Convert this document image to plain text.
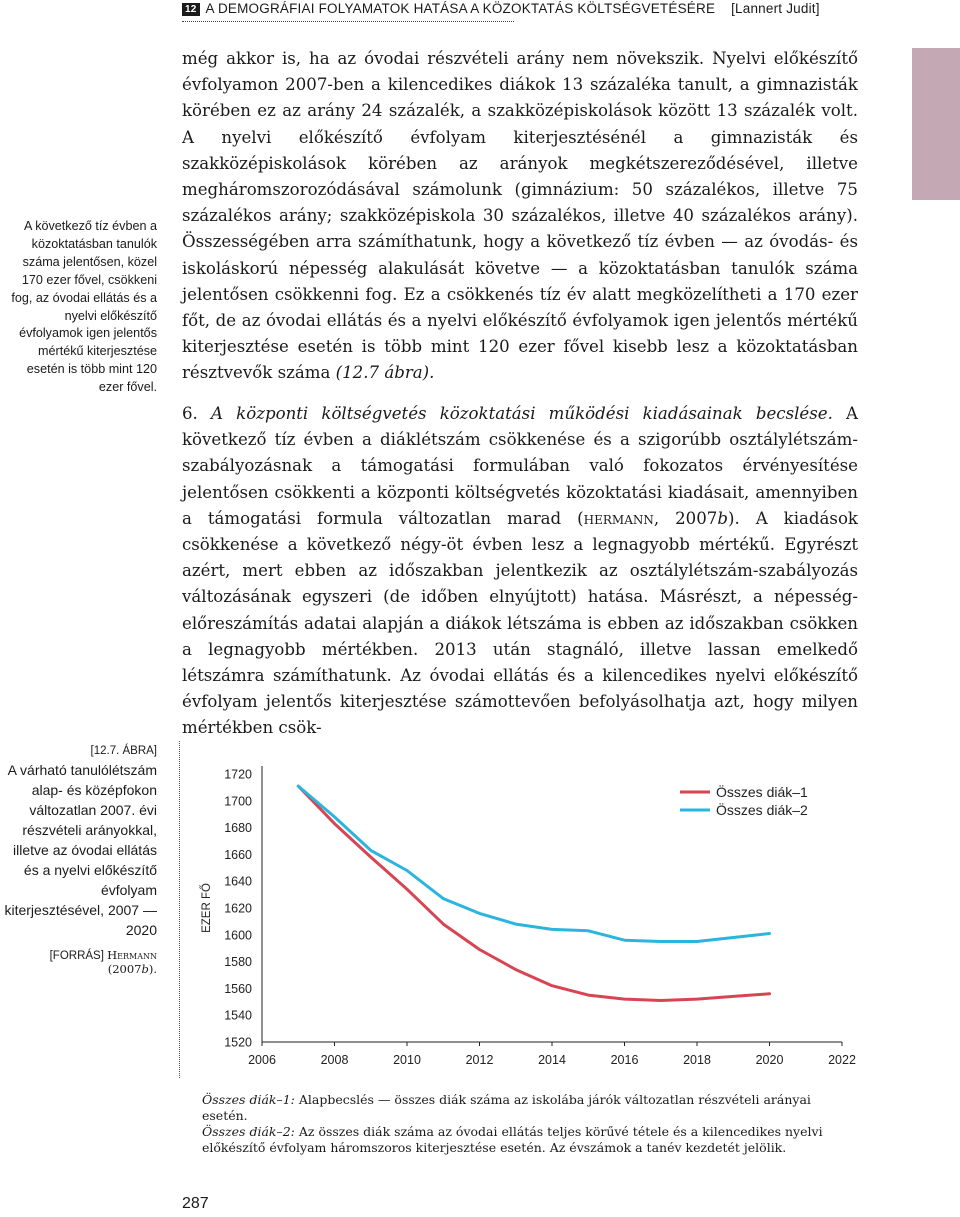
12 A DEMOGRÁFIAI FOLYAMATOK HATÁSA A KÖZOKTATÁS KÖLTSÉGVETÉSÉRE [Lannert Judit]
A következő tíz évben a közoktatásban tanulók száma jelentősen, közel 170 ezer fővel, csökkeni fog, az óvodai ellátás és a nyelvi előkészítő évfolyamok igen jelentős mértékű kiterjesztése esetén is több mint 120 ezer fővel.

még akkor is, ha az óvodai részvételi arány nem növekszik. Nyelvi előkészítő évfolyamon 2007-ben a kilencedikes diákok 13 százaléka tanult, a gimnazisták körében ez az arány 24 százalék, a szakközépiskolások között 13 százalék volt. A nyelvi előkészítő évfolyam kiterjesztésénél a gimnazisták és szakközépiskolások körében az arányok megkétszereződésével, illetve megháromszorozódásával számolunk (gimnázium: 50 százalékos, illetve 75 százalékos arány; szakközépiskola 30 százalékos, illetve 40 százalékos arány). Összességében arra számíthatunk, hogy a következő tíz évben — az óvodás- és iskoláskorú népesség alakulását követve — a közoktatásban tanulók száma jelentősen csökkenni fog. Ez a csökkenés tíz év alatt megközelítheti a 170 ezer főt, de az óvodai ellátás és a nyelvi előkészítő évfolyamok igen jelentős mértékű kiterjesztése esetén is több mint 120 ezer fővel kisebb lesz a közoktatásban résztvevők száma (12.7 ábra).

6. A központi költségvetés közoktatási működési kiadásainak becslése. A következő tíz évben a diáklétszám csökkenése és a szigorúbb osztálylétszám-szabályozásnak a támogatási formulában való fokozatos érvényesítése jelentősen csökkenti a központi költségvetés közoktatási kiadásait, amennyiben a támogatási formula változatlan marad (hermann, 2007b). A kiadások csökkenése a következő négy-öt évben lesz a legnagyobb mértékű. Egyrészt azért, mert ebben az időszakban jelentkezik az osztálylétszám-szabályozás változásának egyszeri (de időben elnyújtott) hatása. Másrészt, a népesség-előreszámítás adatai alapján a diákok létszáma is ebben az időszakban csökken a legnagyobb mértékben. 2013 után stagnáló, illetve lassan emelkedő létszámra számíthatunk. Az óvodai ellátás és a kilencedikes nyelvi előkészítő évfolyam jelentős kiterjesztése számottevően befolyásolhatja azt, hogy milyen mértékben csök-

[12.7. ÁBRA]
A várható tanulólétszám alap- és középfokon változatlan 2007. évi részvételi arányokkal, illetve az óvodai ellátás és a nyelvi előkészítő évfolyam kiterjesztésével, 2007 — 2020
[FORRÁS] Hermann (2007b).
1520
1540
1560
1580
1600
1620
1640
1660
1680
1700
1720
2006	2008	2010	2012	2014	2016	2018	2020	2022
EZER FŐ
Összes diák–1
Összes diák–2
Összes diák–1: Alapbecslés — összes diák száma az iskolába járók változatlan részvételi arányai esetén.
Összes diák–2: Az összes diák száma az óvodai ellátás teljes körűvé tétele és a kilencedikes nyelvi előkészítő évfolyam háromszoros kiterjesztése esetén. Az évszámok a tanév kezdetét jelölik.
287
